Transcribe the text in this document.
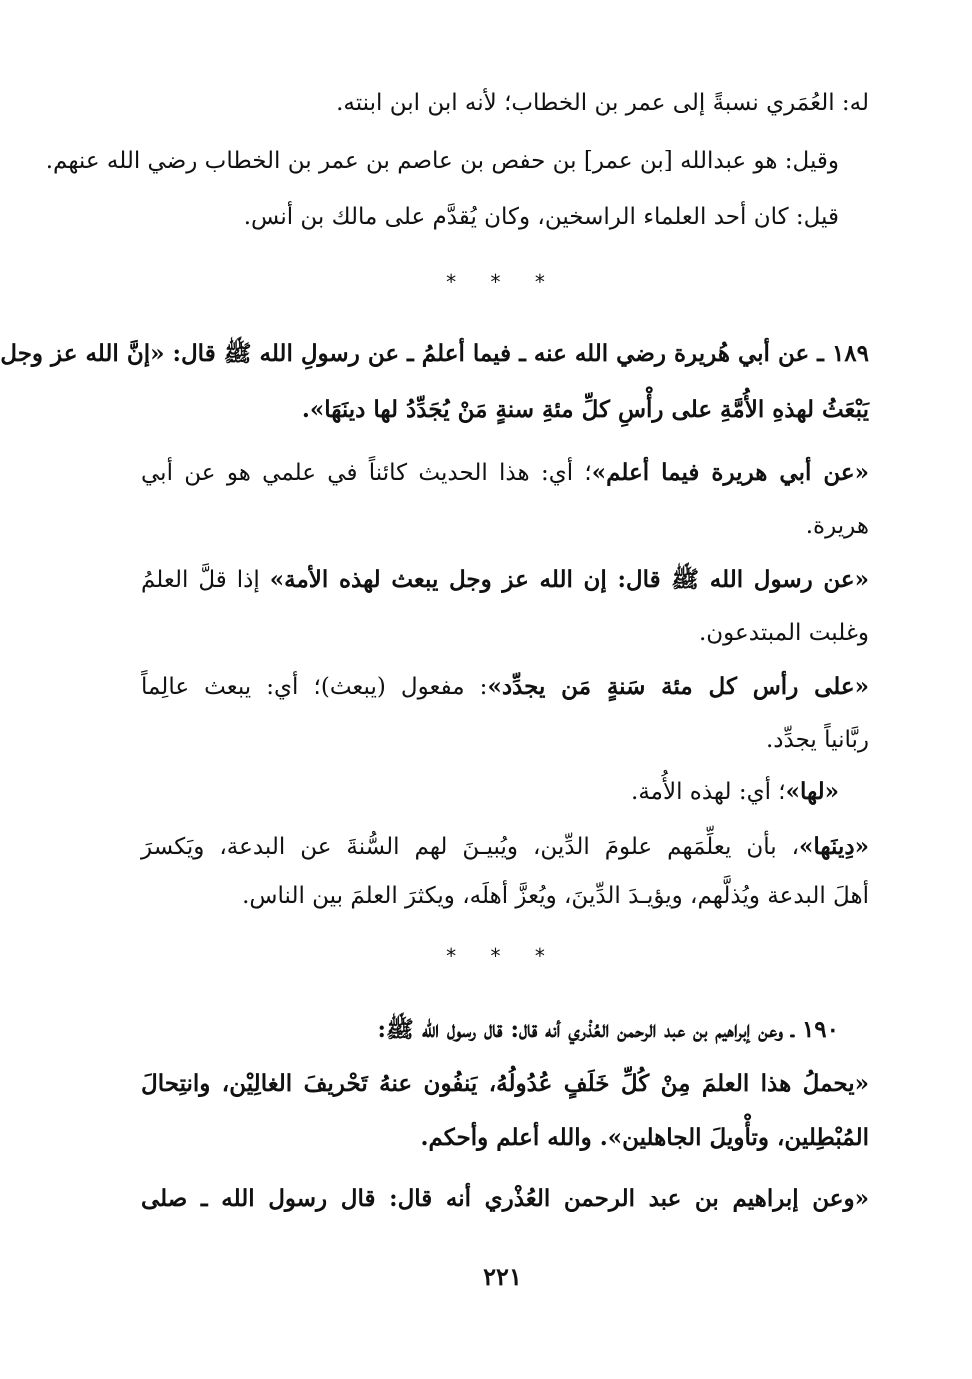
له: العُمَري نسبةً إلى عمر بن الخطاب؛ لأنه ابن ابن ابنته.

وقيل: هو عبدالله [بن عمر] بن حفص بن عاصم بن عمر بن الخطاب رضي الله عنهم.

قيل: كان أحد العلماء الراسخين، وكان يُقدَّم على مالك بن أنس.

١٨٩ ـ عن أبي هُريرة رضي الله عنه ـ فيما أعلمُ ـ عن رسولِ الله ﷺ قال: «إنَّ الله عز وجل

يَبْعَثُ لهذهِ الأُمَّةِ على رأْسِ كلِّ مئةِ سنةٍ مَنْ يُجَدِّدُ لها دينَهَا».

«عن أبي هريرة فيما أعلم»؛ أي: هذا الحديث كائناً في علمي هو عن أبي

هريرة.

«عن رسول الله ﷺ قال: إن الله عز وجل يبعث لهذه الأمة» إذا قلَّ العلمُ

وغلبت المبتدعون.

«على رأس كل مئة سَنةٍ مَن يجدِّد»: مفعول (يبعث)؛ أي: يبعث عالِماً

ربَّانياً يجدِّد.

«لها»؛ أي: لهذه الأُمة.

«دِينَها»، بأن يعلِّمَهم علومَ الدِّين، ويُبيـنَ لهم السُّنةَ عن البدعة، ويَكسرَ

أهلَ البدعة ويُذلَّهم، ويؤيـدَ الدِّينَ، ويُعزَّ أهلَه، ويكثرَ العلمَ بين الناس.

١٩٠ ـ وعن إبراهيم بن عبد الرحمن العُذْري أنه قال: قال رسول الله ﷺ:

«يحملُ هذا العلمَ مِنْ كُلِّ خَلَفٍ عُدُولُهُ، يَنفُون عنهُ تَحْريفَ الغالِيْن، وانتِحالَ

المُبْطِلين، وتأْويلَ الجاهلين». والله أعلم وأحكم.

«وعن إبراهيم بن عبد الرحمن العُذْري أنه قال: قال رسول الله ـ صلى

* * *
* * *
٢٢١
